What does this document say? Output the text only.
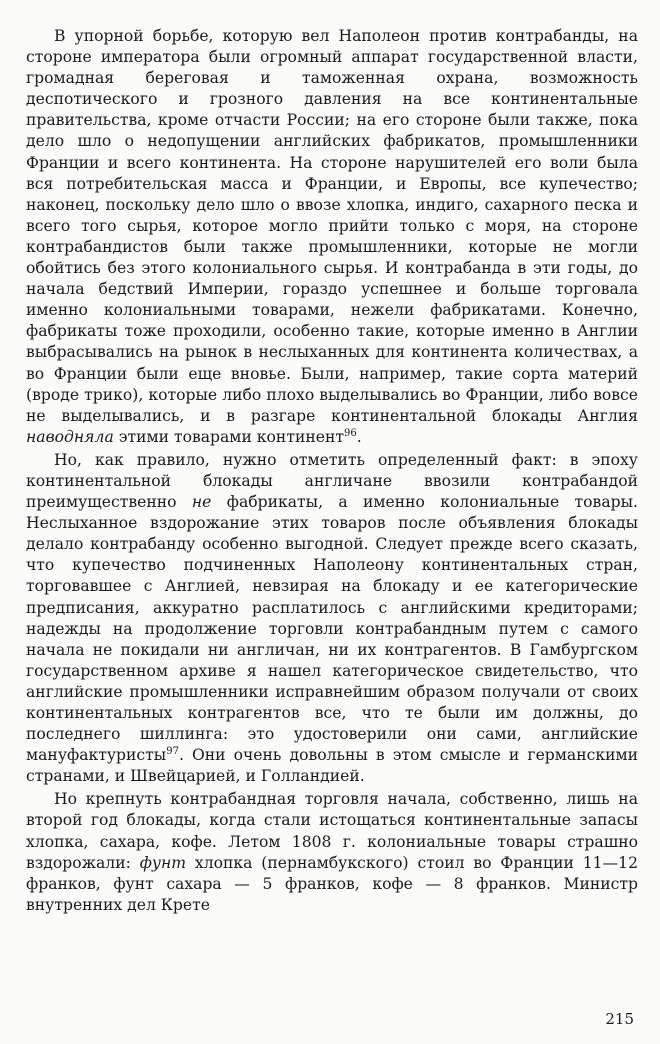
В упорной борьбе, которую вел Наполеон против контрабанды, на стороне императора были огромный аппарат государственной власти, громадная береговая и таможенная охрана, возможность деспотического и грозного давления на все континентальные правительства, кроме отчасти России; на его стороне были также, пока дело шло о недопущении английских фабрикатов, промышленники Франции и всего континента. На стороне нарушителей его воли была вся потребительская масса и Франции, и Европы, все купечество; наконец, поскольку дело шло о ввозе хлопка, индиго, сахарного песка и всего того сырья, которое могло прийти только с моря, на стороне контрабандистов были также промышленники, которые не могли обойтись без этого колониального сырья. И контрабанда в эти годы, до начала бедствий Империи, гораздо успешнее и больше торговала именно колониальными товарами, нежели фабрикатами. Конечно, фабрикаты тоже проходили, особенно такие, которые именно в Англии выбрасывались на рынок в неслыханных для континента количествах, а во Франции были еще вновье. Были, например, такие сорта материй (вроде трико), которые либо плохо выделывались во Франции, либо вовсе не выделывались, и в разгаре континентальной блокады Англия наводняла этими товарами континент$^{96}$.

Но, как правило, нужно отметить определенный факт: в эпоху континентальной блокады англичане ввозили контрабандой преимущественно не фабрикаты, а именно колониальные товары. Неслыханное вздорожание этих товаров после объявления блокады делало контрабанду особенно выгодной. Следует прежде всего сказать, что купечество подчиненных Наполеону континентальных стран, торговавшее с Англией, невзирая на блокаду и ее категорические предписания, аккуратно расплатилось с английскими кредиторами; надежды на продолжение торговли контрабандным путем с самого начала не покидали ни англичан, ни их контрагентов. В Гамбургском государственном архиве я нашел категорическое свидетельство, что английские промышленники исправнейшим образом получали от своих континентальных контрагентов все, что те были им должны, до последнего шиллинга: это удостоверили они сами, английские мануфактуристы$^{97}$. Они очень довольны в этом смысле и германскими странами, и Швейцарией, и Голландией.

Но крепнуть контрабандная торговля начала, собственно, лишь на второй год блокады, когда стали истощаться континентальные запасы хлопка, сахара, кофе. Летом 1808 г. колониальные товары страшно вздорожали: фунт хлопка (пернамбукского) стоил во Франции 11—12 франков, фунт сахара — 5 франков, кофе — 8 франков. Министр внутренних дел Крете

215
